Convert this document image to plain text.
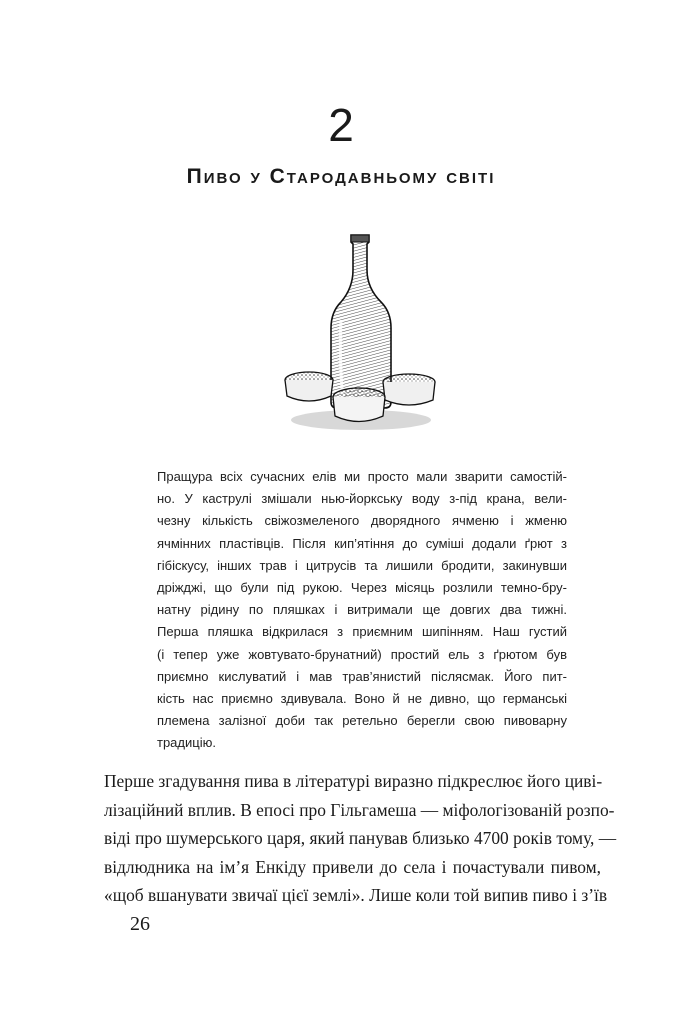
2
Пиво у Стародавньому світі
Пращура всіх сучасних елів ми просто мали зварити самостій-
но. У каструлі змішали нью-йоркську воду з-під крана, вели-
чезну кількість свіжозмеленого дворядного ячменю і жменю
ячмінних пластівців. Після кип’ятіння до суміші додали ґрют з
гібіскусу, інших трав і цитрусів та лишили бродити, закинувши
дріжджі, що були під рукою. Через місяць розлили темно-бру-
натну рідину по пляшках і витримали ще довгих два тижні.
Перша пляшка відкрилася з приємним шипінням. Наш густий
(і тепер уже жовтувато-брунатний) простий ель з ґрютом був
приємно кислуватий і мав трав’янистий післясмак. Його пит-
кість нас приємно здивувала. Воно й не дивно, що германські
племена залізної доби так ретельно берегли свою пивоварну
традицію.
Перше згадування пива в літературі виразно підкреслює його циві-
лізаційний вплив. В епосі про Гільгамеша — міфологізованій розпо-
віді про шумерського царя, який панував близько 4700 років тому, —
відлюдника на ім’я Енкіду привели до села і почастували пивом,
«щоб вшанувати звичаї цієї землі». Лише коли той випив пиво і з’їв
26
